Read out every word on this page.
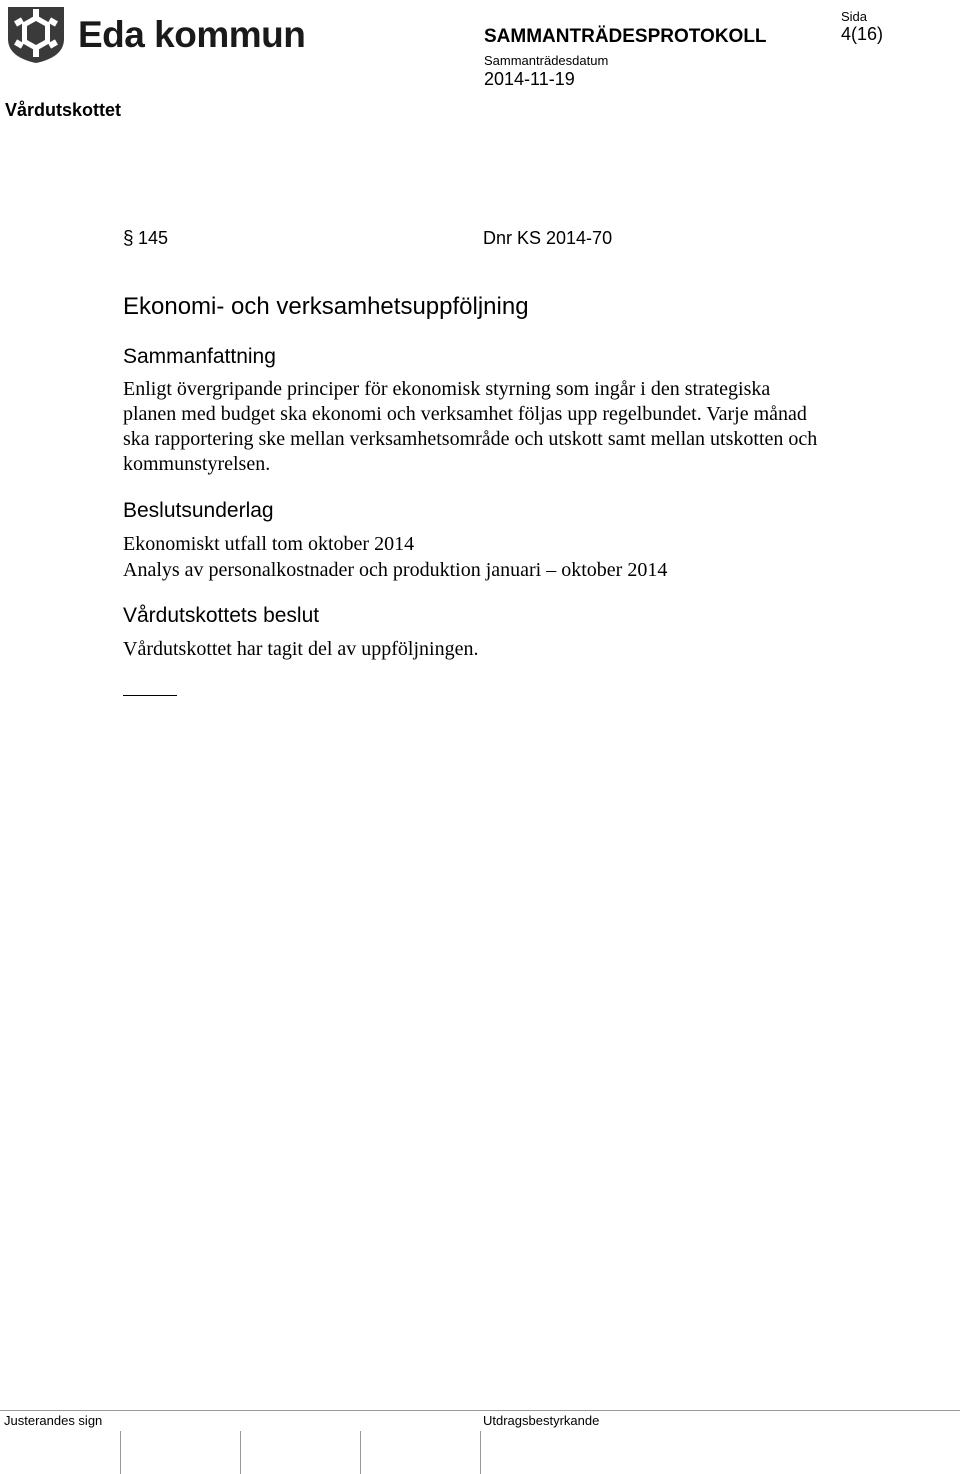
Eda kommun	SAMMANTRÄDESPROTOKOLL
Sammanträdesdatum
2014-11-19
Sida
4(16)
Vårdutskottet
§ 145	Dnr KS 2014-70
Ekonomi- och verksamhetsuppföljning
Sammanfattning
Enligt övergripande principer för ekonomisk styrning som ingår i den strategiska planen med budget ska ekonomi och verksamhet följas upp regelbundet. Varje månad ska rapportering ske mellan verksamhetsområde och utskott samt mellan utskotten och kommunstyrelsen.
Beslutsunderlag
Ekonomiskt utfall tom oktober 2014
Analys av personalkostnader och produktion januari – oktober 2014
Vårdutskottets beslut
Vårdutskottet har tagit del av uppföljningen.
Justerandes sign	Utdragsbestyrkande
